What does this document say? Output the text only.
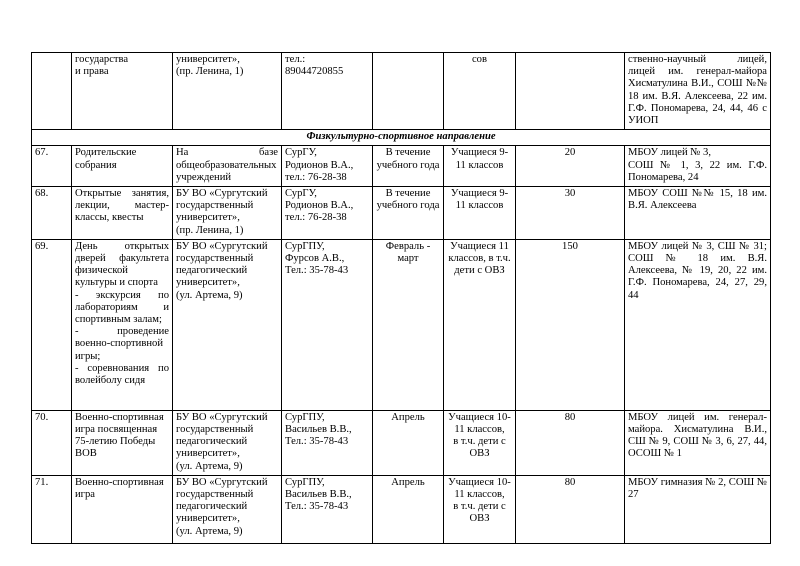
	государства
и права	университет»,
(пр. Ленина, 1)	тел.:
89044720855		сов		ственно-научный лицей, лицей им. генерал-майора Хисматулина В.И., СОШ №№ 18 им. В.Я. Алексеева, 22 им. Г.Ф. Пономарева, 24, 44, 46 с УИОП
Физкультурно-спортивное направление							
67.	Родительские собрания	На базе общеобразовательных учреждений	СурГУ,
Родионов В.А.,
тел.: 76-28-38	В течение учебного года	Учащиеся 9-11 классов	20	МБОУ лицей № 3,
СОШ № 1, 3, 22 им. Г.Ф. Пономарева, 24

68.	Открытые занятия, лекции, мастер-классы, квесты	БУ ВО «Сургутский государственный университет»,
(пр. Ленина, 1)	СурГУ,
Родионов В.А.,
тел.: 76-28-38	В течение учебного года	Учащиеся 9-11 классов	30	МБОУ СОШ №№ 15, 18 им. В.Я. Алексеева
69.	День открытых дверей факультета физической культуры и спорта
- экскурсия по лабораториям и спортивным залам;
- проведение военно-спортивной игры;
- соревнования по волейболу сидя	БУ ВО «Сургутский государственный педагогический университет»,
(ул. Артема, 9)	СурГПУ,
Фурсов А.В.,
Тел.: 35-78-43	Февраль - март	Учащиеся 11 классов, в т.ч. дети с ОВЗ	150	МБОУ лицей № 3, СШ № 31; СОШ № 18 им. В.Я. Алексеева, № 19, 20, 22 им. Г.Ф. Пономарева, 24, 27, 29, 44
70.	Военно-спортивная игра посвященная 75-летию Победы ВОВ	БУ ВО «Сургутский государственный педагогический университет»,
(ул. Артема, 9)	СурГПУ,
Васильев В.В.,
Тел.: 35-78-43	Апрель	Учащиеся 10-11 классов,
в т.ч. дети с ОВЗ	80	МБОУ лицей им. генерал-майора. Хисматулина В.И., СШ № 9, СОШ № 3, 6, 27, 44, ОСОШ № 1
71.	Военно-спортивная игра	БУ ВО «Сургутский государственный педагогический университет»,
(ул. Артема, 9)	СурГПУ,
Васильев В.В.,
Тел.: 35-78-43	Апрель	Учащиеся 10-11 классов,
в т.ч. дети с ОВЗ	80	МБОУ гимназия № 2, СОШ № 27
